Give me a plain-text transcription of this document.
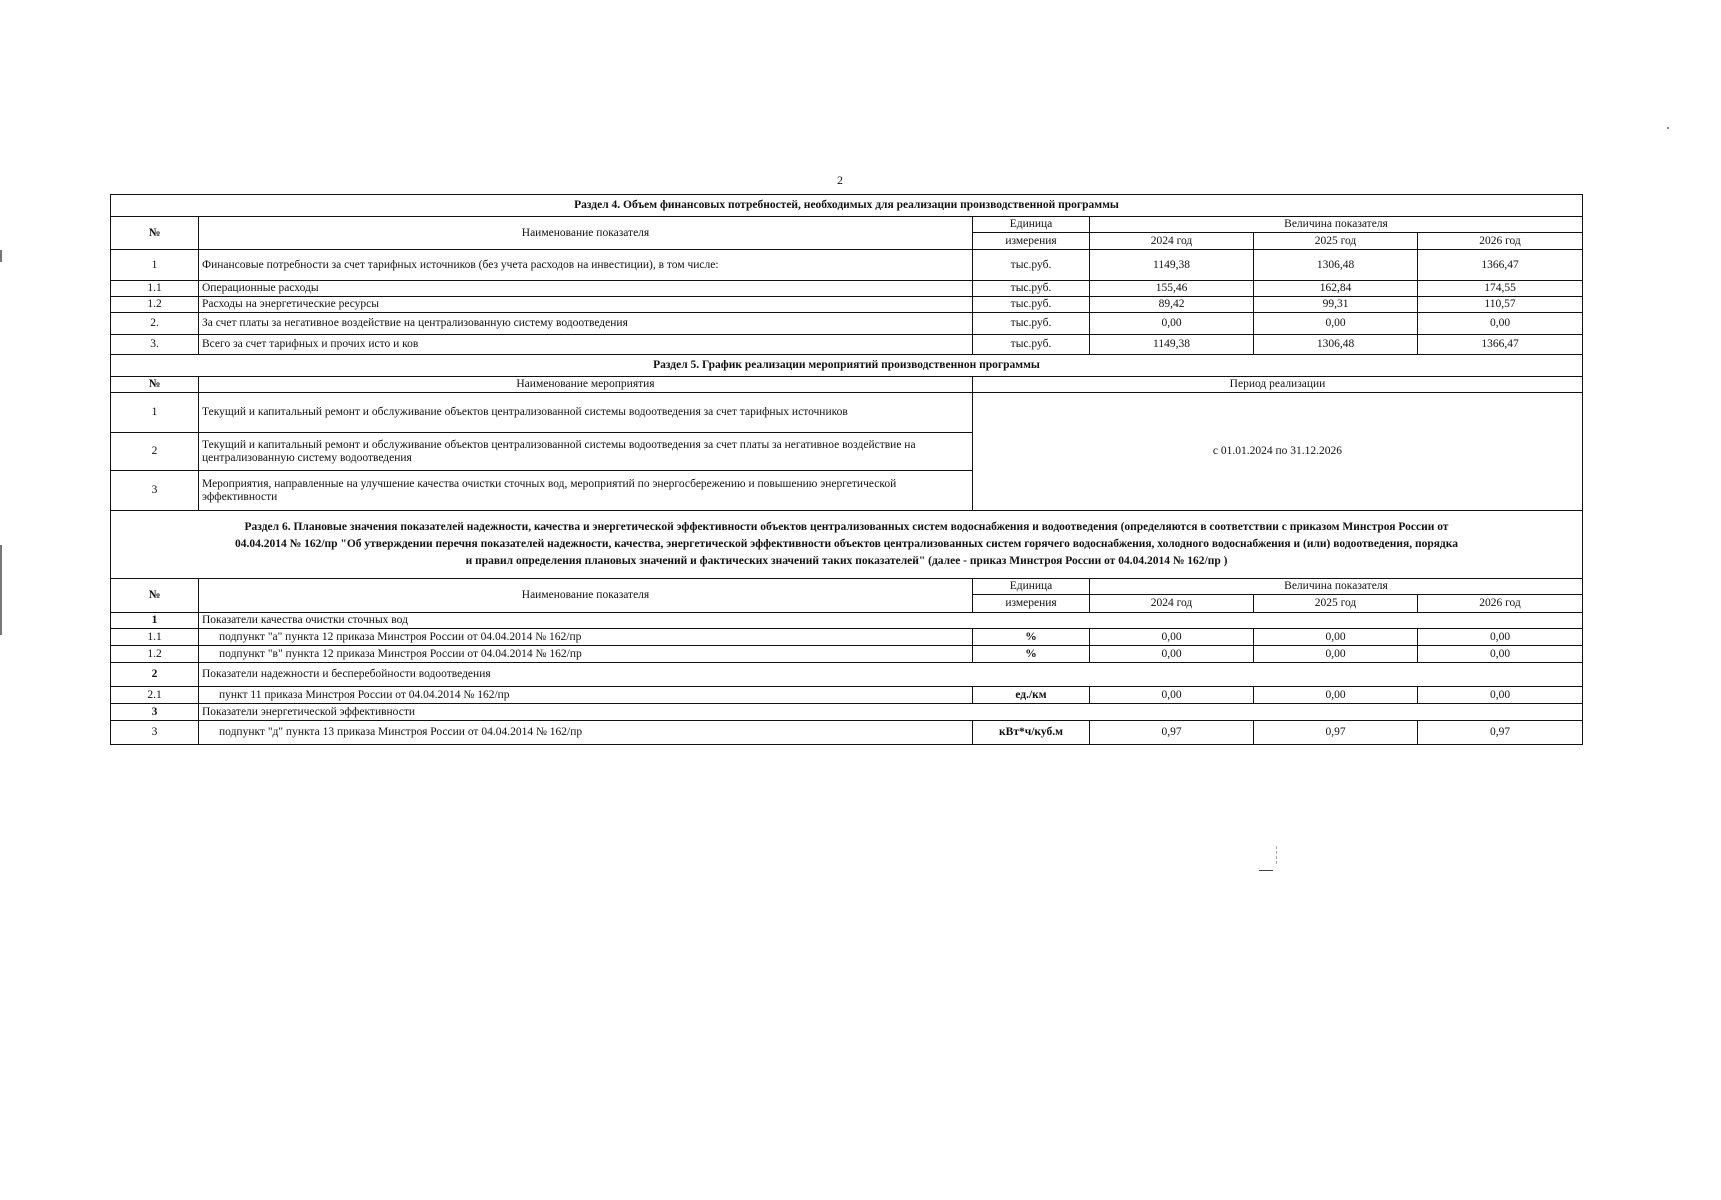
2
Раздел 4. Объем финансовых потребностей, необходимых для реализации производственной программы					
№	Наименование показателя	Единица	Величина показателя		
		измерения	2024 год	2025 год	2026 год
1	Финансовые потребности за счет тарифных источников (без учета расходов на инвестиции), в том числе:	тыс.руб.	1149,38	1306,48	1366,47
1.1	Операционные расходы	тыс.руб.	155,46	162,84	174,55
1.2	Расходы на энергетические ресурсы	тыс.руб.	89,42	99,31	110,57
2.	За счет платы за негативное воздействие на централизованную систему водоотведения	тыс.руб.	0,00	0,00	0,00
3.	Всего за счет тарифных и прочих исто и ков	тыс.руб.	1149,38	1306,48	1366,47
Раздел 5. График реализации мероприятий производственнон программы					
№	Наименование мероприятия	Период реализации			
1	Текущий и капитальный ремонт и обслуживание объектов централизованной системы водоотведения за счет тарифных источников	с 01.01.2024 по 31.12.2026			
2	Текущий и капитальный ремонт и обслуживание объектов централизованной системы водоотведения за счет платы за негативное воздействие на централизованную систему водоотведения				
3	Мероприятия, направленные на улучшение качества очистки сточных вод, мероприятий по энергосбережению и повышению энергетической эффективности				
Раздел 6. Плановые значения показателей надежности, качества и энергетической эффективности объектов централизованных систем водоснабжения и водоотведения (определяются в соответствии с приказом Минстроя России от
04.04.2014 № 162/пр "Об утверждении перечня показателей надежности, качества, энергетической эффективности объектов централизованных систем горячего водоснабжения, холодного водоснабжения и (или) водоотведения, порядка
и правил определения плановых значений и фактических значений таких показателей" (далее - приказ Минстроя России от 04.04.2014 № 162/пр )					
№	Наименование показателя	Единица	Величина показателя		
		измерения	2024 год	2025 год	2026 год
1	Показатели качества очистки сточных вод				
1.1	подпункт "а" пункта 12 приказа Минстроя России от 04.04.2014 № 162/пр	%	0,00	0,00	0,00
1.2	подпункт "в" пункта 12 приказа Минстроя России от 04.04.2014 № 162/пр	%	0,00	0,00	0,00
2	Показатели надежности и бесперебойности водоотведения				
2.1	пункт 11 приказа Минстроя России от 04.04.2014 № 162/пр	ед./км	0,00	0,00	0,00
3	Показатели энергетической эффективности				
3	подпункт "д" пункта 13 приказа Минстроя России от 04.04.2014 № 162/пр	кВт*ч/куб.м	0,97	0,97	0,97
